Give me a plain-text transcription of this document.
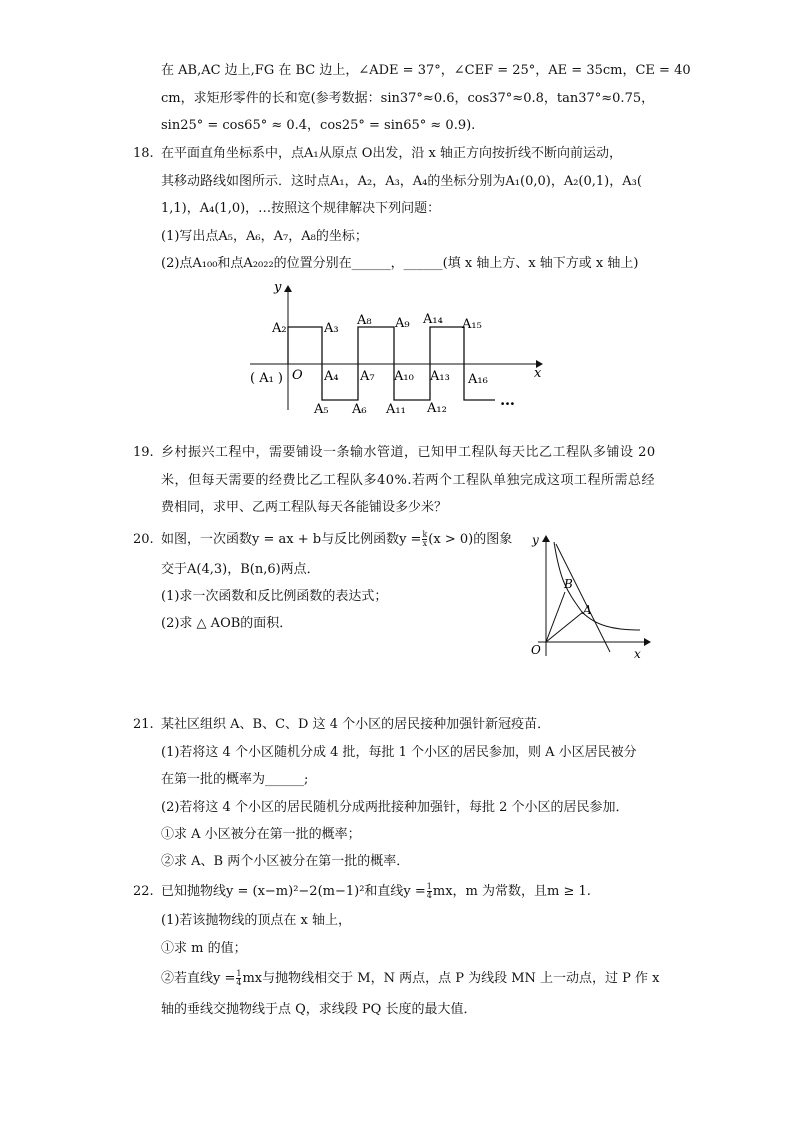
在 AB,AC 边上,FG 在 BC 边上，∠ADE = 37°，∠CEF = 25°，AE = 35cm，CE = 40
cm，求矩形零件的长和宽(参考数据：sin37°≈0.6，cos37°≈0.8，tan37°≈0.75，
sin25° = cos65° ≈ 0.4，cos25° = sin65° ≈ 0.9).
18. 在平面直角坐标系中，点A₁从原点 O出发，沿 x 轴正方向按折线不断向前运动，
其移动路线如图所示．这时点A₁，A₂，A₃，A₄的坐标分别为A₁(0,0)，A₂(0,1)，A₃(
1,1)，A₄(1,0)，…按照这个规律解决下列问题：
(1)写出点A₅，A₆，A₇，A₈的坐标；
(2)点A₁₀₀和点A₂₀₂₂的位置分别在______，______(填 x 轴上方、x 轴下方或 x 轴上)
y
x
O
( A₁ )
A₂	A₃
A₄
A₅ A₆
A₇
A₈ A₉
A₁₀
A₁₁ A₁₂
A₁₃
A₁₄ A₁₅
A₁₆
…
19. 乡村振兴工程中，需要铺设一条输水管道，已知甲工程队每天比乙工程队多铺设 20
米，但每天需要的经费比乙工程队多40%.若两个工程队单独完成这项工程所需总经
费相同，求甲、乙两工程队每天各能铺设多少米？
20. 如图，一次函数y = ax + b与反比例函数$y = \frac{k}{x} (x > 0)$的图象
交于A(4,3)，B(n,6)两点．
(1)求一次函数和反比例函数的表达式；
(2)求 △ AOB的面积．
y
x
O
A
B
21. 某社区组织 A、B、C、D 这 4 个小区的居民接种加强针新冠疫苗．
(1)若将这 4 个小区随机分成 4 批，每批 1 个小区的居民参加，则 A 小区居民被分
在第一批的概率为______;
(2)若将这 4 个小区的居民随机分成两批接种加强针，每批 2 个小区的居民参加．
①求 A 小区被分在第一批的概率；
②求 A、B 两个小区被分在第一批的概率．
22. 已知抛物线y = (x−m)²−2(m−1)²和直线$y = \frac{1}{4}$ mx，m 为常数，且m ≥ 1.
(1)若该抛物线的顶点在 x 轴上，
①求 m 的值；
②若直线$y = \frac{1}{4}$ mx与抛物线相交于 M，N 两点，点 P 为线段 MN 上一动点，过 P 作 x
轴的垂线交抛物线于点 Q，求线段 PQ 长度的最大值．
